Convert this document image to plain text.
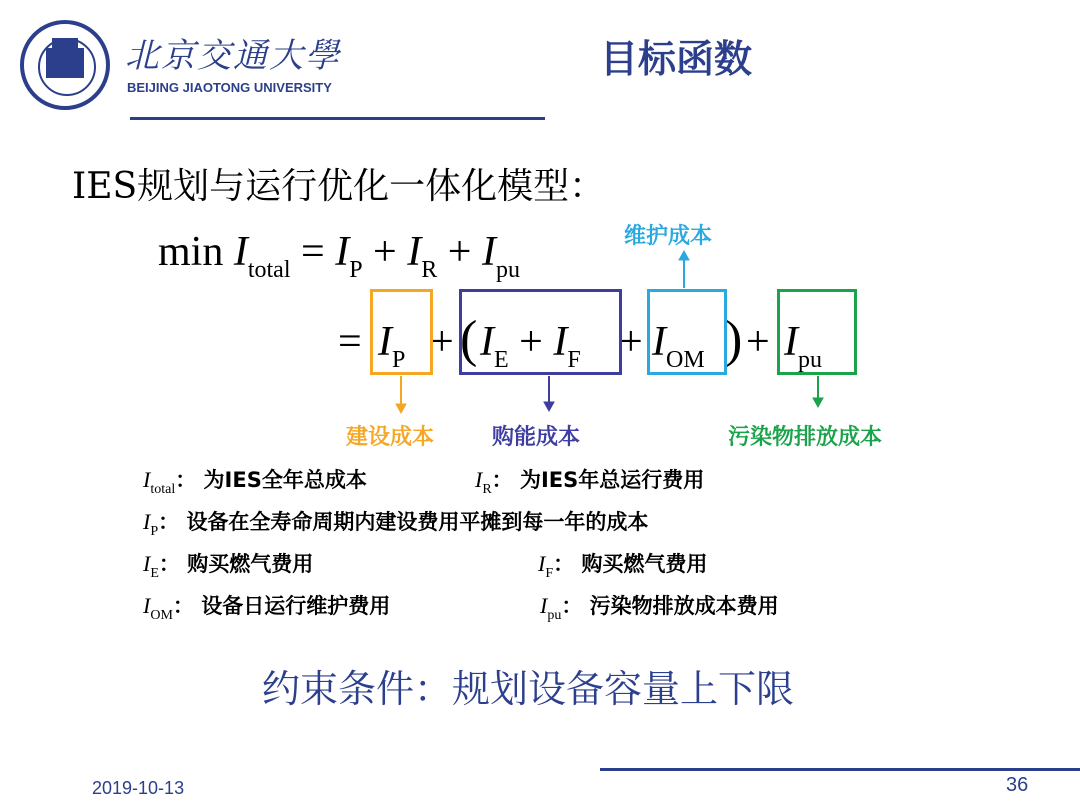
北京交通大學
BEIJING JIAOTONG UNIVERSITY
目标函数
IES规划与运行优化一体化模型：
$\min I_{total} = I_P + I_R + I_{pu}$
= $I_P$ + ( $I_E + I_F + I_{OM}$ ) + $I_{pu}$
维护成本
建设成本	购能成本	污染物排放成本
$I_{total}$： 为IES全年总成本	$I_R$： 为IES年总运行费用
$I_P$： 设备在全寿命周期内建设费用平摊到每一年的成本
$I_E$： 购买燃气费用	$I_F$： 购买燃气费用
$I_{OM}$： 设备日运行维护费用	$I_{pu}$： 污染物排放成本费用
约束条件：规划设备容量上下限
2019-10-13	36
